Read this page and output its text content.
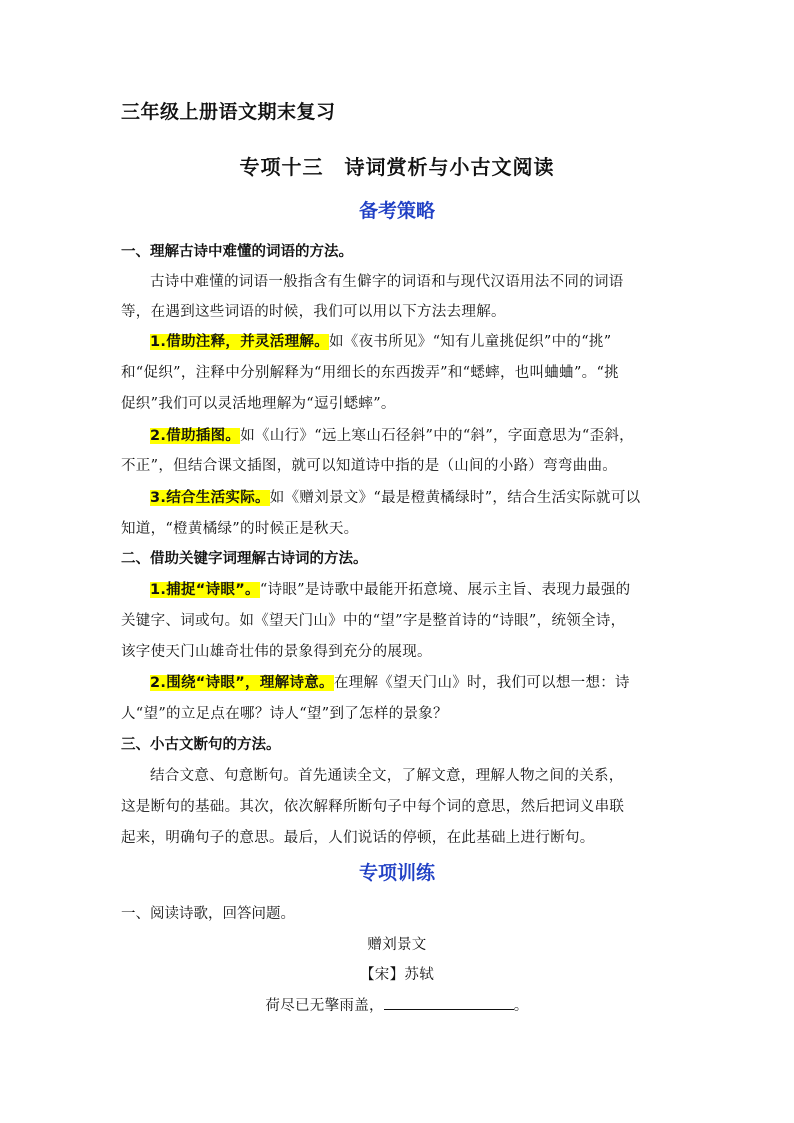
三年级上册语文期末复习
专项十三　诗词赏析与小古文阅读
备考策略
一、理解古诗中难懂的词语的方法。
古诗中难懂的词语一般指含有生僻字的词语和与现代汉语用法不同的词语
等，在遇到这些词语的时候，我们可以用以下方法去理解。
1.借助注释，并灵活理解。如《夜书所见》“知有儿童挑促织”中的“挑”
和“促织”，注释中分别解释为“用细长的东西拨弄”和“蟋蟀，也叫蛐蛐”。“挑
促织”我们可以灵活地理解为“逗引蟋蟀”。
2.借助插图。如《山行》“远上寒山石径斜”中的“斜”，字面意思为“歪斜，
不正”，但结合课文插图，就可以知道诗中指的是（山间的小路）弯弯曲曲。
3.结合生活实际。如《赠刘景文》“最是橙黄橘绿时”，结合生活实际就可以
知道，“橙黄橘绿”的时候正是秋天。
二、借助关键字词理解古诗词的方法。
1.捕捉“诗眼”。“诗眼”是诗歌中最能开拓意境、展示主旨、表现力最强的
关键字、词或句。如《望天门山》中的“望”字是整首诗的“诗眼”，统领全诗，
该字使天门山雄奇壮伟的景象得到充分的展现。
2.围绕“诗眼”，理解诗意。在理解《望天门山》时，我们可以想一想：诗
人“望”的立足点在哪？诗人“望”到了怎样的景象？
三、小古文断句的方法。
结合文意、句意断句。首先通读全文，了解文意，理解人物之间的关系，
这是断句的基础。其次，依次解释所断句子中每个词的意思，然后把词义串联
起来，明确句子的意思。最后，人们说话的停顿，在此基础上进行断句。
专项训练
一、阅读诗歌，回答问题。
赠刘景文
【宋】苏轼
荷尽已无擎雨盖，	。
